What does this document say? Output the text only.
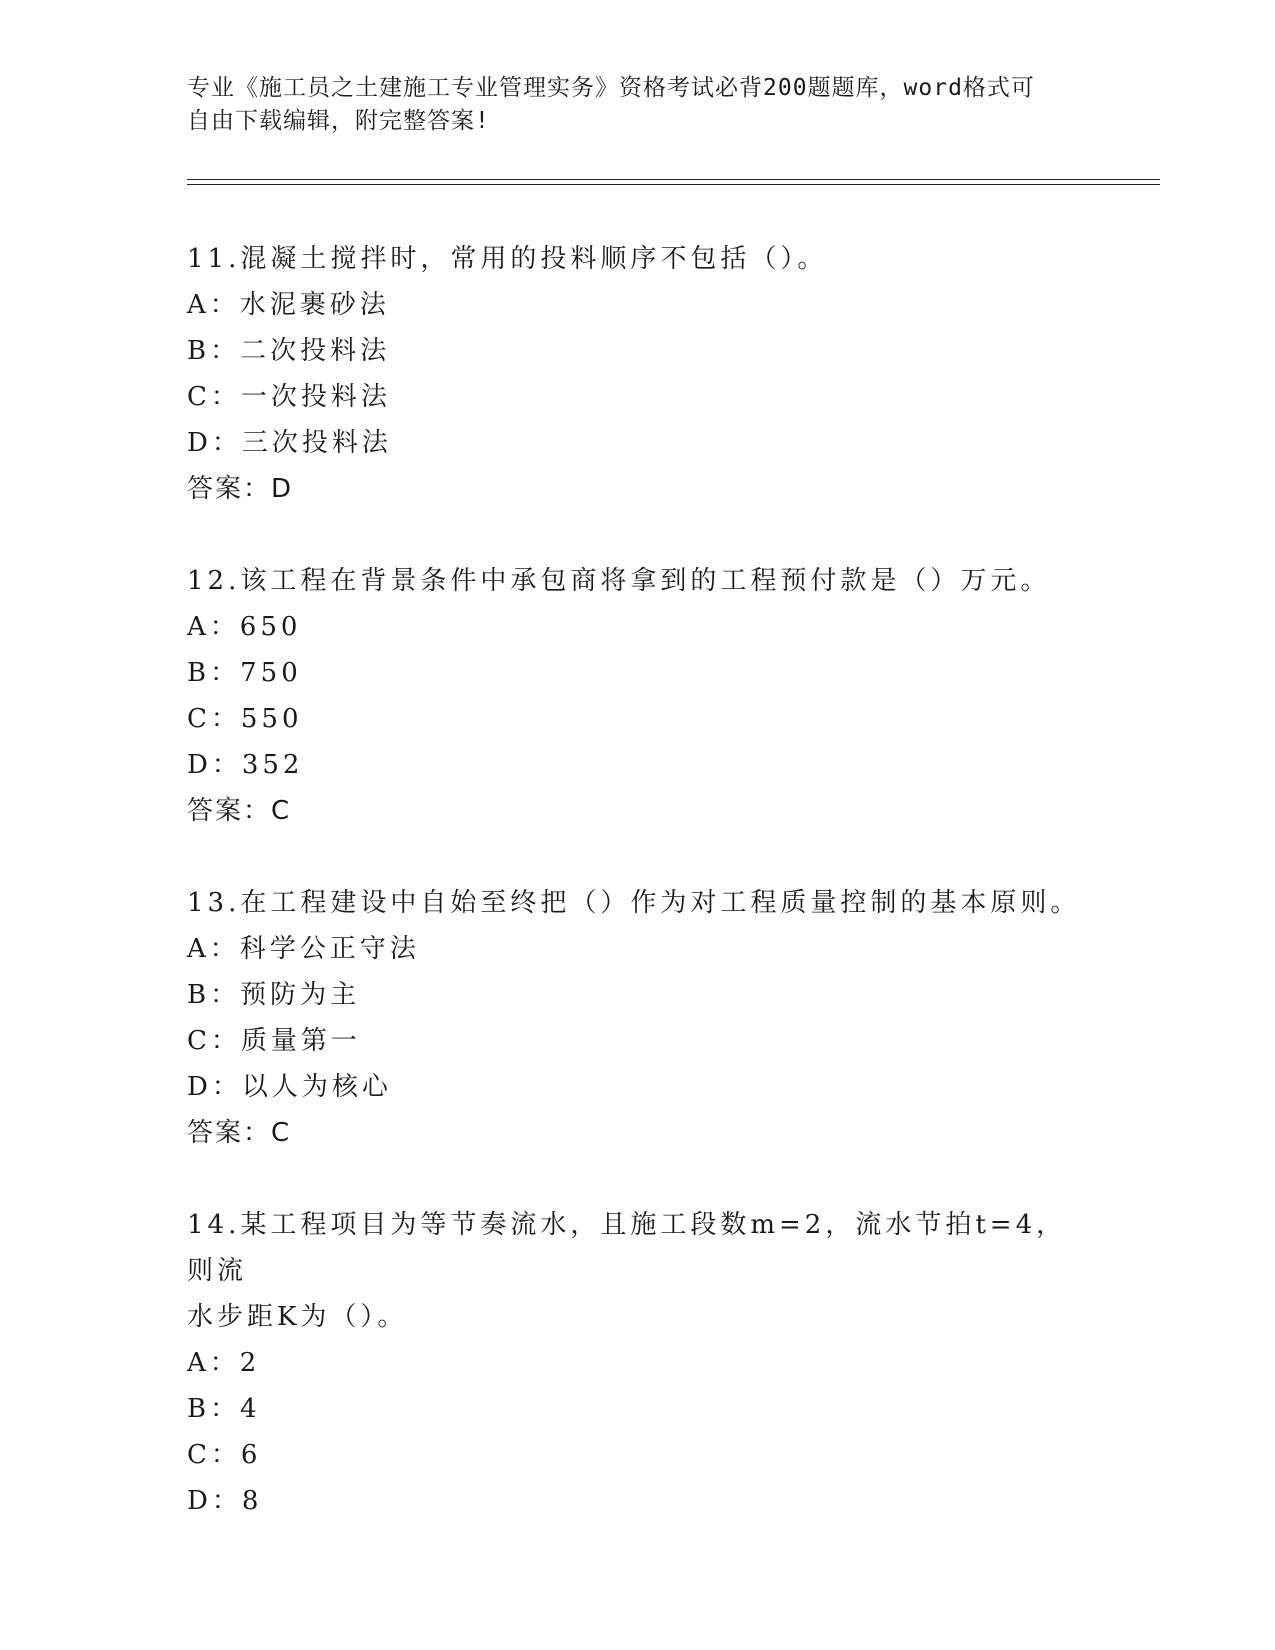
专业《施工员之土建施工专业管理实务》资格考试必背200题题库，word格式可
自由下载编辑，附完整答案!
11.混凝土搅拌时，常用的投料顺序不包括（）。
A：水泥裹砂法
B：二次投料法
C：一次投料法
D：三次投料法
答案：D
12.该工程在背景条件中承包商将拿到的工程预付款是（）万元。
A：650
B：750
C：550
D：352
答案：C
13.在工程建设中自始至终把（）作为对工程质量控制的基本原则。
A：科学公正守法
B：预防为主
C：质量第一
D：以人为核心
答案：C
14.某工程项目为等节奏流水，且施工段数m=2，流水节拍t=4，则流
水步距K为（）。
A：2
B：4
C：6
D：8
